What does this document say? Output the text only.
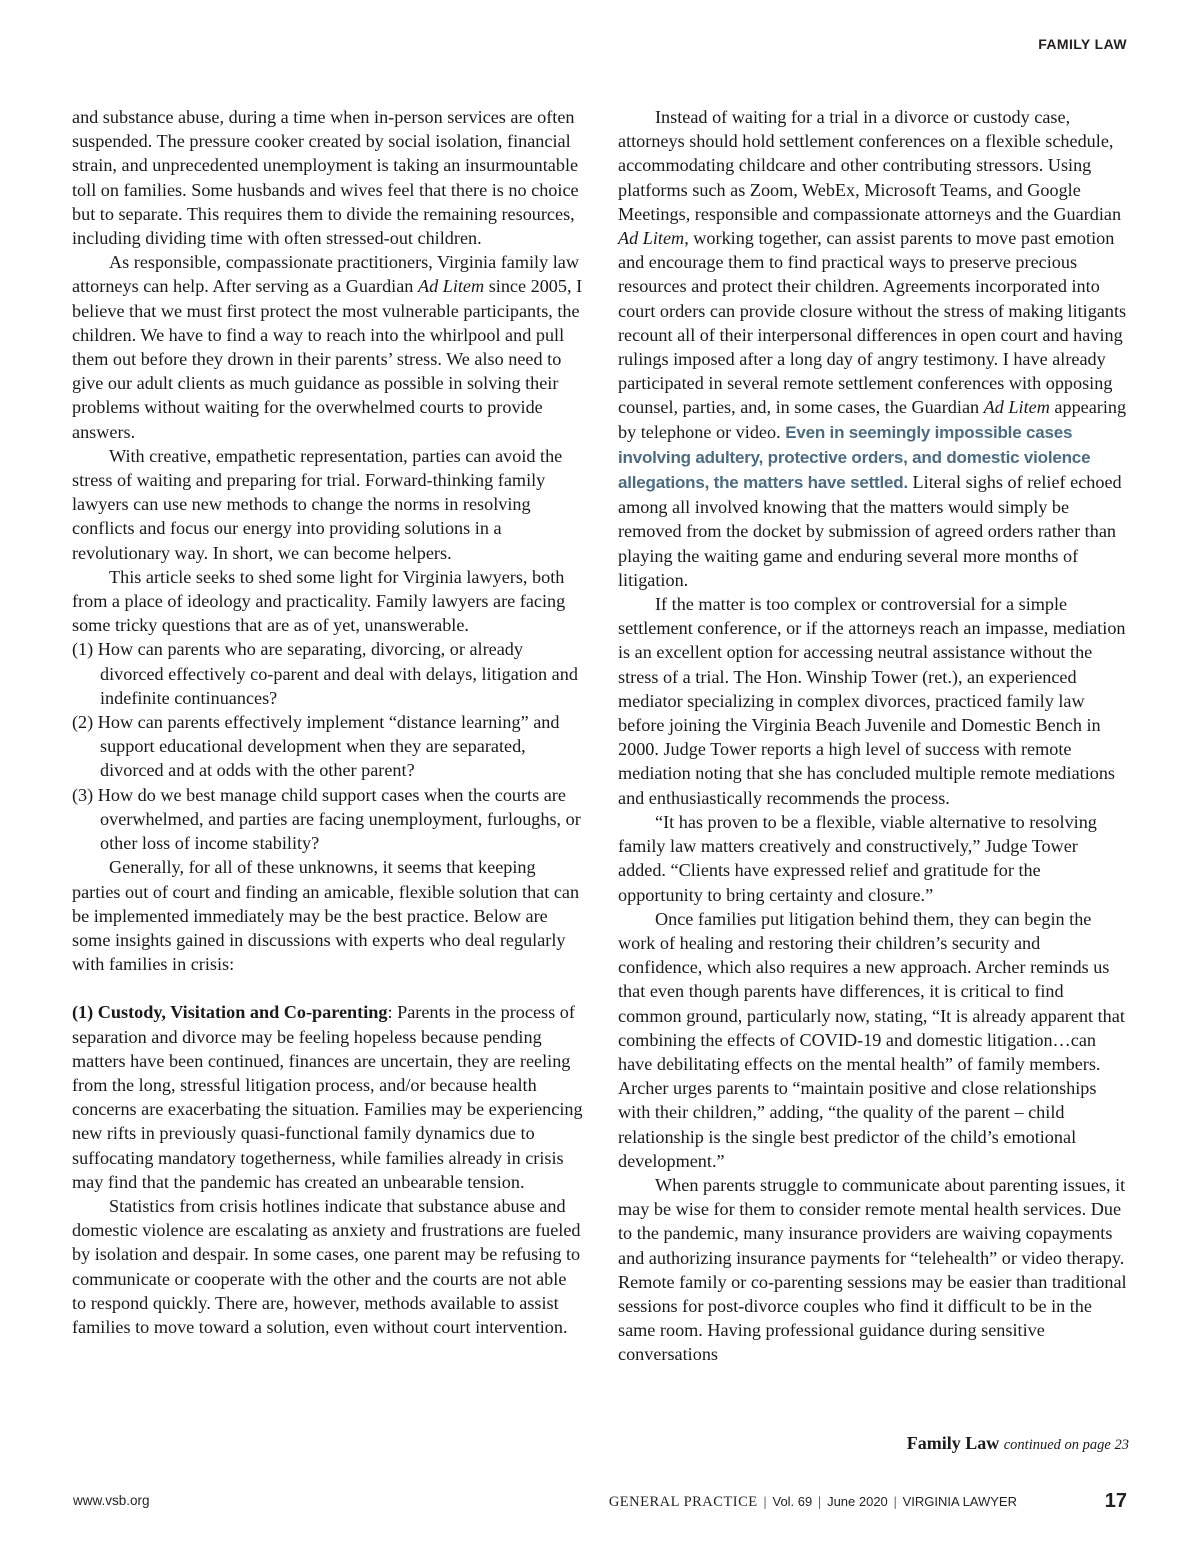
FAMILY LAW

and substance abuse, during a time when in-person services are often suspended. The pressure cooker created by social isolation, financial strain, and unprecedented unemployment is taking an insurmountable toll on families. Some husbands and wives feel that there is no choice but to separate. This requires them to divide the remaining resources, including dividing time with often stressed-out children.

As responsible, compassionate practitioners, Virginia family law attorneys can help. After serving as a Guardian Ad Litem since 2005, I believe that we must first protect the most vulnerable participants, the children. We have to find a way to reach into the whirlpool and pull them out before they drown in their parents’ stress. We also need to give our adult clients as much guidance as possible in solving their problems without waiting for the overwhelmed courts to provide answers.

With creative, empathetic representation, parties can avoid the stress of waiting and preparing for trial. Forward-thinking family lawyers can use new methods to change the norms in resolving conflicts and focus our energy into providing solutions in a revolutionary way. In short, we can become helpers.

This article seeks to shed some light for Virginia lawyers, both from a place of ideology and practicality. Family lawyers are facing some tricky questions that are as of yet, unanswerable.

(1) How can parents who are separating, divorcing, or already divorced effectively co-parent and deal with delays, litigation and indefinite continuances?
(2) How can parents effectively implement “distance learning” and support educational development when they are separated, divorced and at odds with the other parent?
(3) How do we best manage child support cases when the courts are overwhelmed, and parties are facing unemployment, furloughs, or other loss of income stability?

Generally, for all of these unknowns, it seems that keeping parties out of court and finding an amicable, flexible solution that can be implemented immediately may be the best practice. Below are some insights gained in discussions with experts who deal regularly with families in crisis:

(1) Custody, Visitation and Co-parenting: Parents in the process of separation and divorce may be feeling hopeless because pending matters have been continued, finances are uncertain, they are reeling from the long, stressful litigation process, and/or because health concerns are exacerbating the situation. Families may be experiencing new rifts in previously quasi-functional family dynamics due to suffocating mandatory togetherness, while families already in crisis may find that the pandemic has created an unbearable tension.

Statistics from crisis hotlines indicate that substance abuse and domestic violence are escalating as anxiety and frustrations are fueled by isolation and despair. In some cases, one parent may be refusing to communicate or cooperate with the other and the courts are not able to respond quickly. There are, however, methods available to assist families to move toward a solution, even without court intervention.

Instead of waiting for a trial in a divorce or custody case, attorneys should hold settlement conferences on a flexible schedule, accommodating childcare and other contributing stressors. Using platforms such as Zoom, WebEx, Microsoft Teams, and Google Meetings, responsible and compassionate attorneys and the Guardian Ad Litem, working together, can assist parents to move past emotion and encourage them to find practical ways to preserve precious resources and protect their children. Agreements incorporated into court orders can provide closure without the stress of making litigants recount all of their interpersonal differences in open court and having rulings imposed after a long day of angry testimony. I have already participated in several remote settlement conferences with opposing counsel, parties, and, in some cases, the Guardian Ad Litem appearing by telephone or video. Even in seemingly impossible cases involving adultery, protective orders, and domestic violence allegations, the matters have settled. Literal sighs of relief echoed among all involved knowing that the matters would simply be removed from the docket by submission of agreed orders rather than playing the waiting game and enduring several more months of litigation.

If the matter is too complex or controversial for a simple settlement conference, or if the attorneys reach an impasse, mediation is an excellent option for accessing neutral assistance without the stress of a trial. The Hon. Winship Tower (ret.), an experienced mediator specializing in complex divorces, practiced family law before joining the Virginia Beach Juvenile and Domestic Bench in 2000. Judge Tower reports a high level of success with remote mediation noting that she has concluded multiple remote mediations and enthusiastically recommends the process.

“It has proven to be a flexible, viable alternative to resolving family law matters creatively and constructively,” Judge Tower added. “Clients have expressed relief and gratitude for the opportunity to bring certainty and closure.”

Once families put litigation behind them, they can begin the work of healing and restoring their children’s security and confidence, which also requires a new approach. Archer reminds us that even though parents have differences, it is critical to find common ground, particularly now, stating, “It is already apparent that combining the effects of COVID-19 and domestic litigation…can have debilitating effects on the mental health” of family members. Archer urges parents to “maintain positive and close relationships with their children,” adding, “the quality of the parent – child relationship is the single best predictor of the child’s emotional development.”

When parents struggle to communicate about parenting issues, it may be wise for them to consider remote mental health services. Due to the pandemic, many insurance providers are waiving copayments and authorizing insurance payments for “telehealth” or video therapy. Remote family or co-parenting sessions may be easier than traditional sessions for post-divorce couples who find it difficult to be in the same room. Having professional guidance during sensitive conversations

Family Law continued on page 23
www.vsb.org	GENERAL PRACTICE | Vol. 69 | June 2020 | VIRGINIA LAWYER	17
